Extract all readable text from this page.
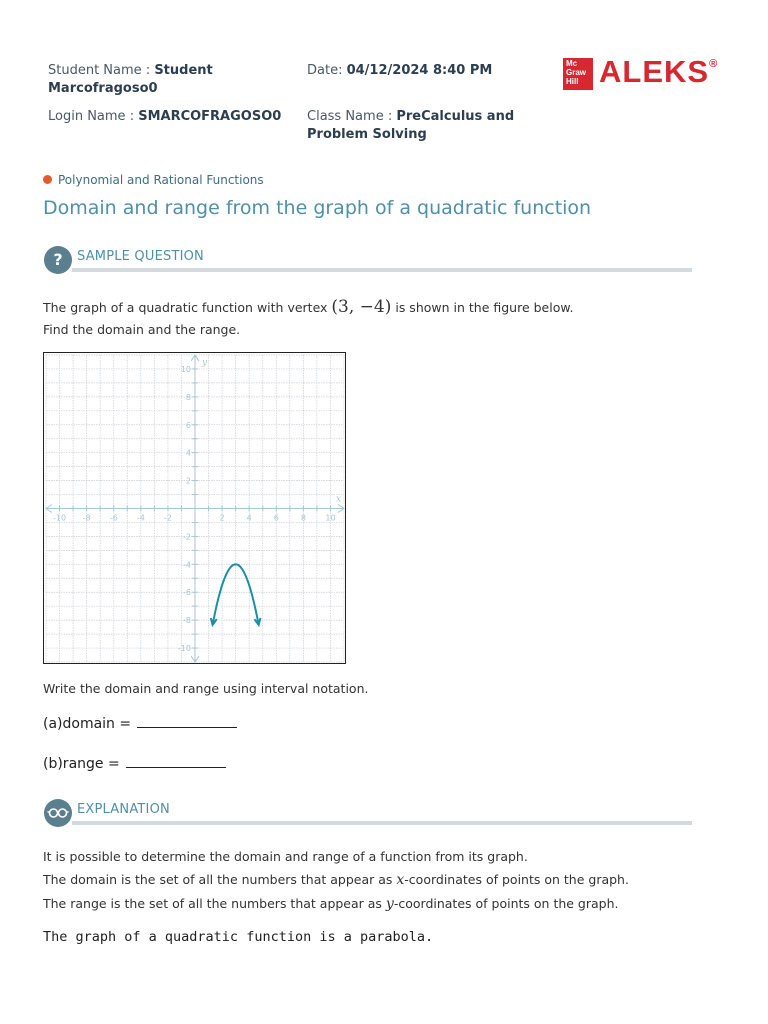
Student Name : Student
Marcofragoso0
Login Name : SMARCOFRAGOSO0
Date: 04/12/2024 8:40 PM
Class Name : PreCalculus and
Problem Solving
Mc
Graw
Hill ALEKS®
Polynomial and Rational Functions
Domain and range from the graph of a quadratic function
?	SAMPLE QUESTION
The graph of a quadratic function with vertex (3, −4) is shown in the figure below.
Find the domain and the range.
x
y
-10 -8 -6 -4 -2	2	4	6	8 10
10
8
6
4
2
-2
-4
-6
-8
-10
Write the domain and range using interval notation.
(a)domain =
(b)range =
EXPLANATION
It is possible to determine the domain and range of a function from its graph.
The domain is the set of all the numbers that appear as x-coordinates of points on the graph.
The range is the set of all the numbers that appear as y-coordinates of points on the graph.
The graph of a quadratic function is a parabola.
